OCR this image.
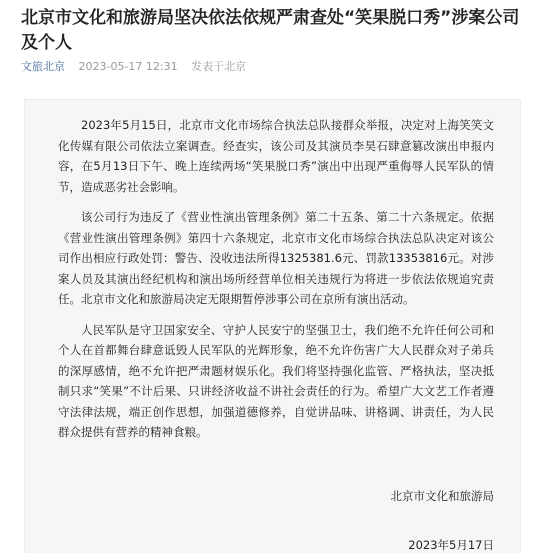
北京市文化和旅游局坚决依法依规严肃查处“笑果脱口秀”涉案公司及个人
文旅北京 2023-05-17 12:31 发表于北京

2023年5月15日，北京市文化市场综合执法总队接群众举报，决定对上海笑笑文化传媒有限公司依法立案调查。经查实，该公司及其演员李昊石肆意篡改演出申报内容，在5月13日下午、晚上连续两场“笑果脱口秀”演出中出现严重侮辱人民军队的情节，造成恶劣社会影响。

该公司行为违反了《营业性演出管理条例》第二十五条、第二十六条规定。依据《营业性演出管理条例》第四十六条规定，北京市文化市场综合执法总队决定对该公司作出相应行政处罚：警告、没收违法所得1325381.6元、罚款13353816元。对涉案人员及其演出经纪机构和演出场所经营单位相关违规行为将进一步依法依规追究责任。北京市文化和旅游局决定无限期暂停涉事公司在京所有演出活动。

人民军队是守卫国家安全、守护人民安宁的坚强卫士，我们绝不允许任何公司和个人在首都舞台肆意诋毁人民军队的光辉形象，绝不允许伤害广大人民群众对子弟兵的深厚感情，绝不允许把严肃题材娱乐化。我们将坚持强化监管、严格执法，坚决抵制只求“笑果”不计后果、只讲经济收益不讲社会责任的行为。希望广大文艺工作者遵守法律法规，端正创作思想，加强道德修养，自觉讲品味、讲格调、讲责任，为人民群众提供有营养的精神食粮。

北京市文化和旅游局
2023年5月17日
